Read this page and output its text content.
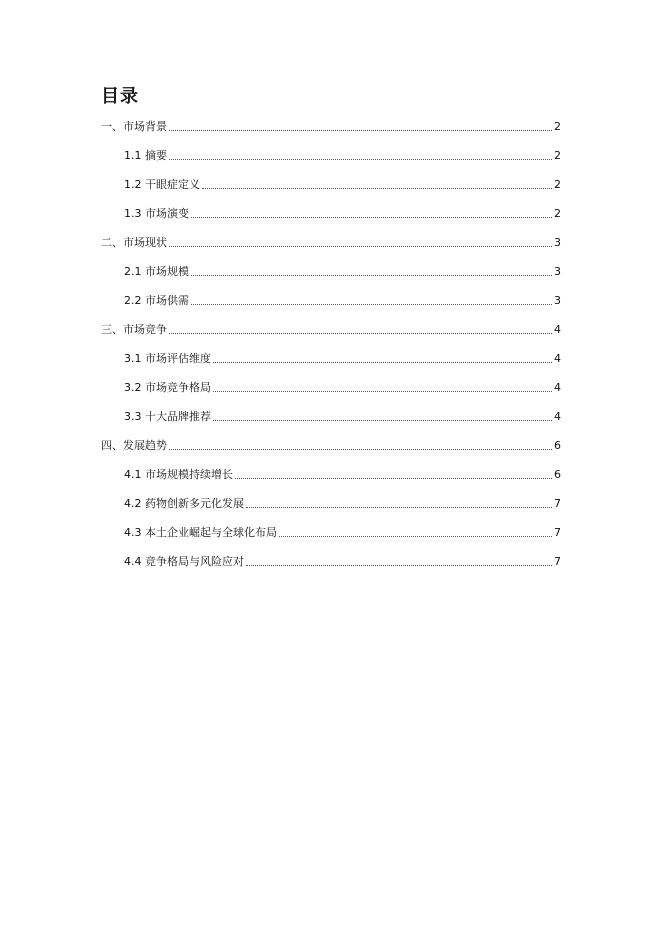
目录
一、市场背景	2
1.1 摘要	2
1.2 干眼症定义	2
1.3 市场演变	2
二、市场现状	3
2.1 市场规模	3
2.2 市场供需	3
三、市场竞争	4
3.1 市场评估维度	4
3.2 市场竞争格局	4
3.3 十大品牌推荐	4
四、发展趋势	6
4.1 市场规模持续增长	6
4.2 药物创新多元化发展	7
4.3 本土企业崛起与全球化布局	7
4.4 竞争格局与风险应对	7
